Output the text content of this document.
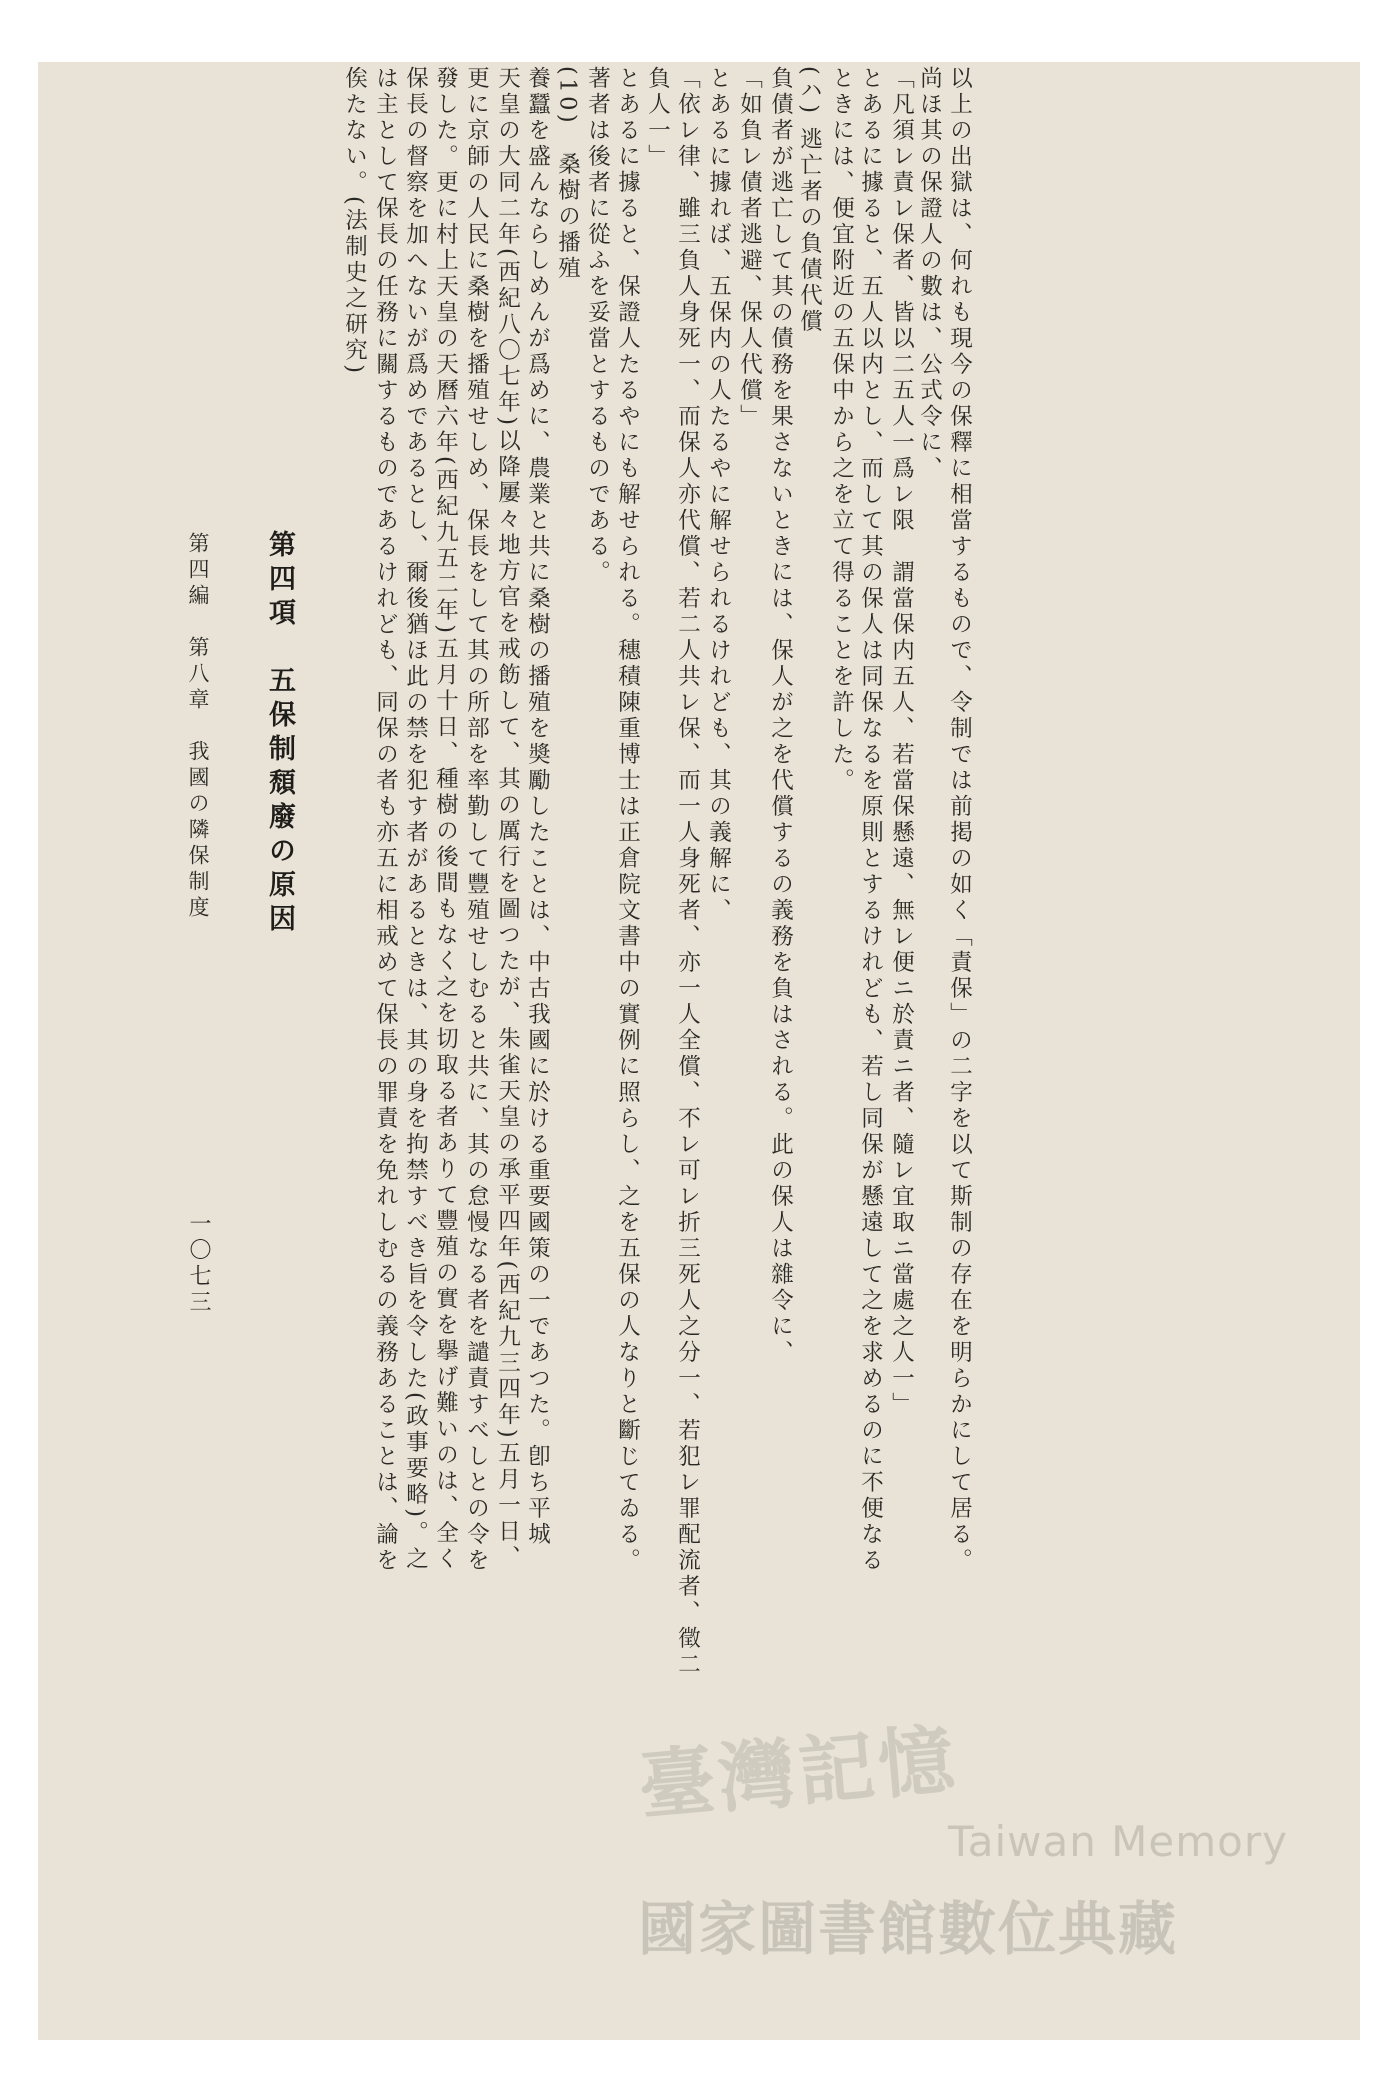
以上の出獄は、何れも現今の保釋に相當するもので、令制では前掲の如く「責保」の二字を以て斯制の存在を明らかにして居る。
尚ほ其の保證人の數は、公式令に、
「凡須レ責レ保者、皆以二五人一爲レ限　謂當保内五人、若當保懸遠、無レ便ニ於責ニ者、隨レ宜取ニ當處之人一」
とあるに據ると、五人以内とし、而して其の保人は同保なるを原則とするけれども、若し同保が懸遠して之を求めるのに不便なる
ときには、便宜附近の五保中から之を立て得ることを許した。
(ハ) 逃亡者の負債代償
負債者が逃亡して其の債務を果さないときには、保人が之を代償するの義務を負はされる。此の保人は雜令に、
「如負レ債者逃避、保人代償」
とあるに據れば、五保内の人たるやに解せられるけれども、其の義解に、
「依レ律、雖三負人身死一、而保人亦代償、若二人共レ保、而一人身死者、亦一人全償、不レ可レ折三死人之分一、若犯レ罪配流者、徵二
負人一」
とあるに據ると、保證人たるやにも解せられる。穗積陳重博士は正倉院文書中の實例に照らし、之を五保の人なりと斷じてゐる。
著者は後者に從ふを妥當とするものである。
(10)　桑樹の播殖
養蠶を盛んならしめんが爲めに、農業と共に桑樹の播殖を奬勵したことは、中古我國に於ける重要國策の一であつた。卽ち平城
天皇の大同二年(西紀八〇七年)以降屢々地方官を戒飭して、其の厲行を圖つたが、朱雀天皇の承平四年(西紀九三四年)五月一日、
更に京師の人民に桑樹を播殖せしめ、保長をして其の所部を率勤して豐殖せしむると共に、其の怠慢なる者を譴責すべしとの令を
發した。更に村上天皇の天曆六年(西紀九五二年)五月十日、種樹の後間もなく之を切取る者ありて豐殖の實を擧げ難いのは、全く
保長の督察を加へないが爲めであるとし、爾後猶ほ此の禁を犯す者があるときは、其の身を拘禁すべき旨を令した(政事要略)。之
は主として保長の任務に關するものであるけれども、同保の者も亦五に相戒めて保長の罪責を免れしむるの義務あることは、論を
俟たない。(法制史之研究)
第四項　五保制頹廢の原因
第四編　第八章　我國の隣保制度
一〇七三
臺灣記憶
Taiwan Memory
國家圖書館數位典藏
